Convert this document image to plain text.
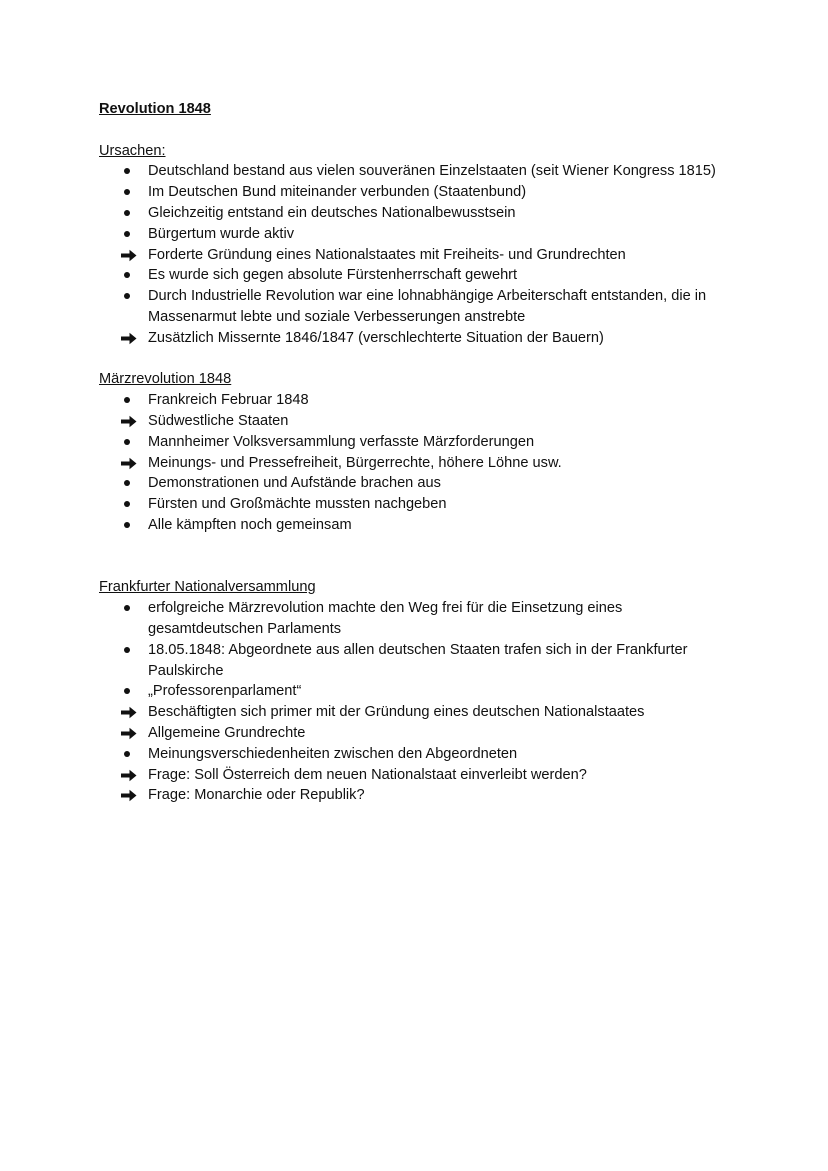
Revolution 1848

Ursachen:

Deutschland bestand aus vielen souveränen Einzelstaaten (seit Wiener Kongress 1815)
Im Deutschen Bund miteinander verbunden (Staatenbund)
Gleichzeitig entstand ein deutsches Nationalbewusstsein
Bürgertum wurde aktiv
Forderte Gründung eines Nationalstaates mit Freiheits- und Grundrechten
Es wurde sich gegen absolute Fürstenherrschaft gewehrt
Durch Industrielle Revolution war eine lohnabhängige Arbeiterschaft entstanden, die in Massenarmut lebte und soziale Verbesserungen anstrebte
Zusätzlich Missernte 1846/1847 (verschlechterte Situation der Bauern)

Märzrevolution 1848

Frankreich Februar 1848
Südwestliche Staaten
Mannheimer Volksversammlung verfasste Märzforderungen
Meinungs- und Pressefreiheit, Bürgerrechte, höhere Löhne usw.
Demonstrationen und Aufstände brachen aus
Fürsten und Großmächte mussten nachgeben
Alle kämpften noch gemeinsam

Frankfurter Nationalversammlung

erfolgreiche Märzrevolution machte den Weg frei für die Einsetzung eines gesamtdeutschen Parlaments
18.05.1848: Abgeordnete aus allen deutschen Staaten trafen sich in der Frankfurter Paulskirche
„Professorenparlament“
Beschäftigten sich primer mit der Gründung eines deutschen Nationalstaates
Allgemeine Grundrechte
Meinungsverschiedenheiten zwischen den Abgeordneten
Frage: Soll Österreich dem neuen Nationalstaat einverleibt werden?
Frage: Monarchie oder Republik?
